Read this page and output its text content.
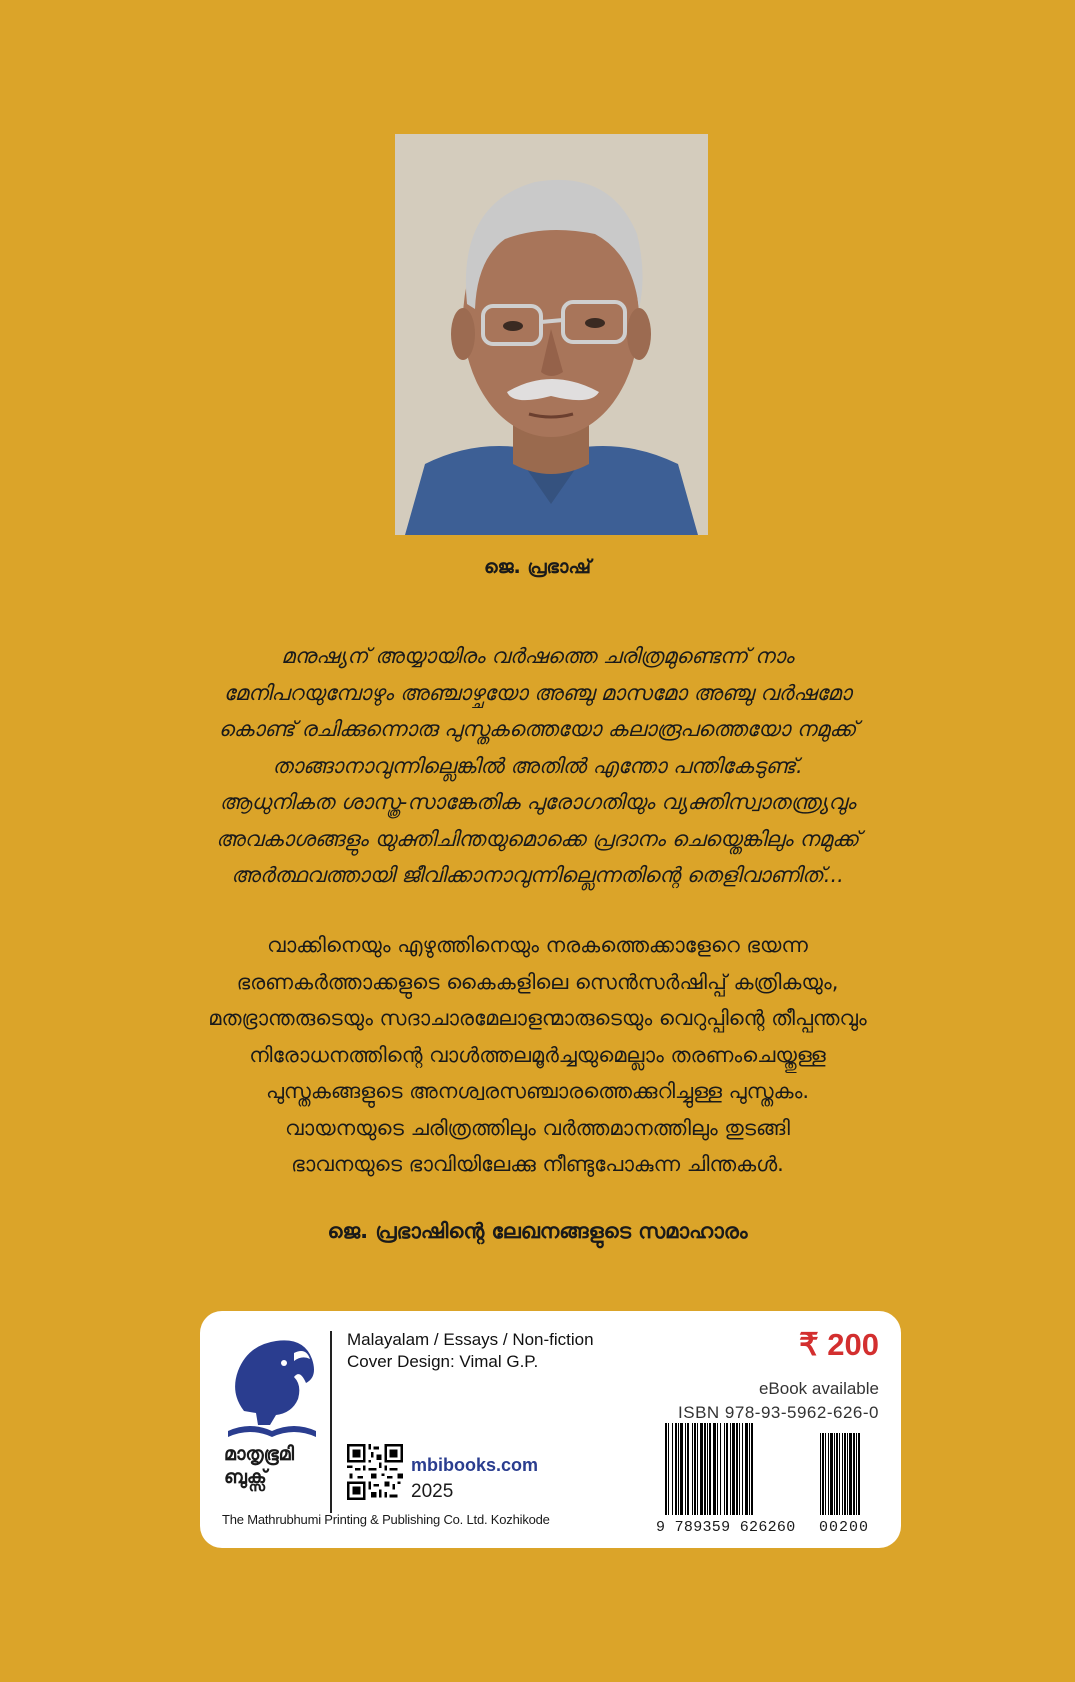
ജെ. പ്രഭാഷ്
മനുഷ്യന് അയ്യായിരം വർഷത്തെ ചരിത്രമുണ്ടെന്ന് നാം
മേനിപറയുമ്പോഴും അഞ്ചാഴ്ചയോ അഞ്ചു മാസമോ അഞ്ചു വർഷമോ
കൊണ്ട് രചിക്കുന്നൊരു പുസ്തകത്തെയോ കലാരൂപത്തെയോ നമുക്ക്
താങ്ങാനാവുന്നില്ലെങ്കിൽ അതിൽ എന്തോ പന്തികേടുണ്ട്.
ആധുനികത ശാസ്ത്ര-സാങ്കേതിക പുരോഗതിയും വ്യക്തിസ്വാതന്ത്ര്യവും
അവകാശങ്ങളും യുക്തിചിന്തയുമൊക്കെ പ്രദാനം ചെയ്തെങ്കിലും നമുക്ക്
അർത്ഥവത്തായി ജീവിക്കാനാവുന്നില്ലെന്നതിന്റെ തെളിവാണിത്...
വാക്കിനെയും എഴുത്തിനെയും നരകത്തെക്കാളേറെ ഭയന്ന
ഭരണകർത്താക്കളുടെ കൈകളിലെ സെൻസർഷിപ്പ് കത്രികയും,
മതഭ്രാന്തരുടെയും സദാചാരമേലാളന്മാരുടെയും വെറുപ്പിന്റെ തീപ്പന്തവും
നിരോധനത്തിന്റെ വാൾത്തലമൂർച്ചയുമെല്ലാം തരണംചെയ്തുള്ള
പുസ്തകങ്ങളുടെ അനശ്വരസഞ്ചാരത്തെക്കുറിച്ചുള്ള പുസ്തകം.
വായനയുടെ ചരിത്രത്തിലും വർത്തമാനത്തിലും തുടങ്ങി
ഭാവനയുടെ ഭാവിയിലേക്കു നീണ്ടുപോകുന്ന ചിന്തകൾ.
ജെ. പ്രഭാഷിന്റെ ലേഖനങ്ങളുടെ സമാഹാരം
മാതൃഭൂമി
ബുക്സ്
Malayalam / Essays / Non-fiction
Cover Design: Vimal G.P.	₹ 200
eBook available
ISBN 978-93-5962-626-0
mbibooks.com
2025
The Mathrubhumi Printing & Publishing Co. Ltd. Kozhikode	9 789359 626260 00200
